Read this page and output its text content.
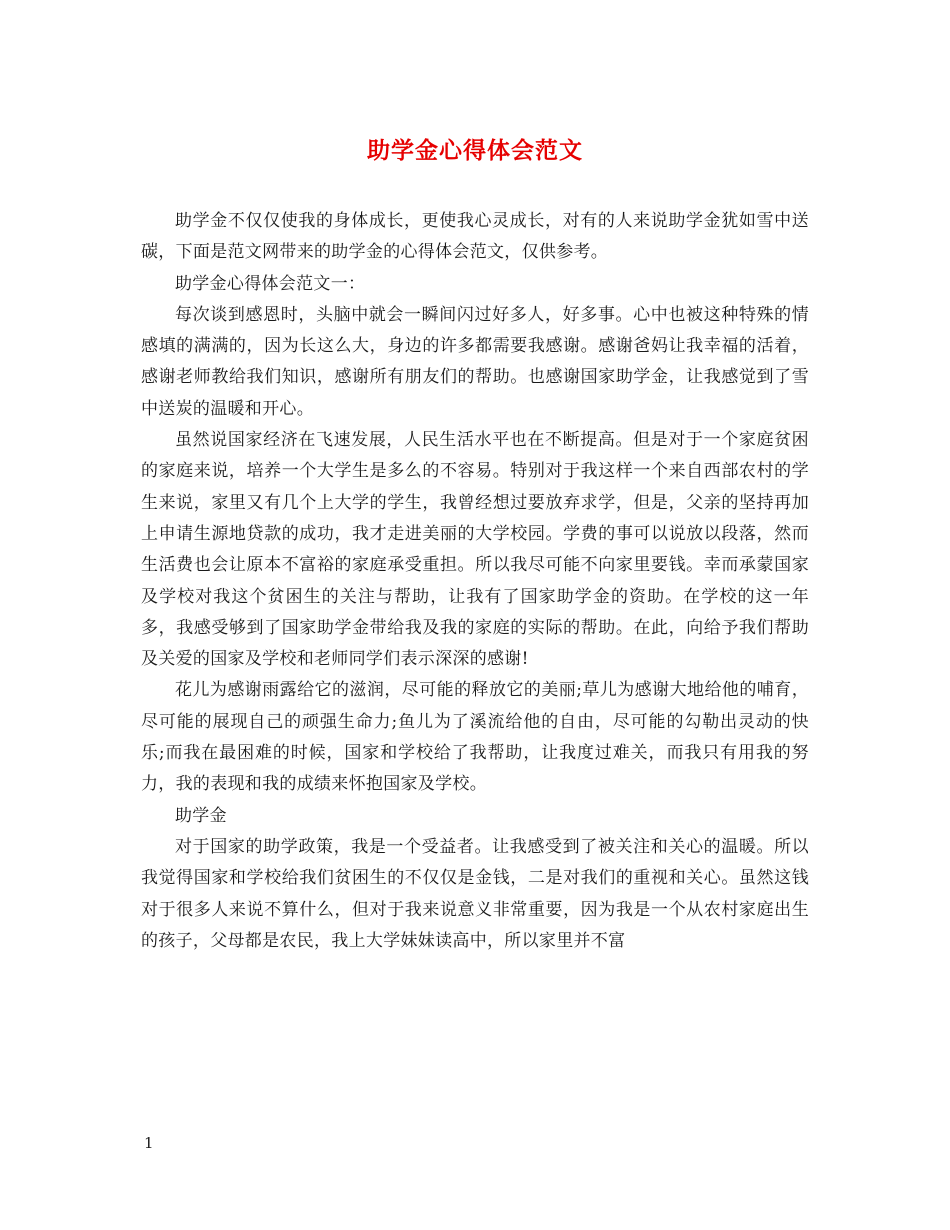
助学金心得体会范文

助学金不仅仅使我的身体成长，更使我心灵成长，对有的人来说助学金犹如雪中送碳，下面是范文网带来的助学金的心得体会范文，仅供参考。

助学金心得体会范文一：

每次谈到感恩时，头脑中就会一瞬间闪过好多人，好多事。心中也被这种特殊的情感填的满满的，因为长这么大，身边的许多都需要我感谢。感谢爸妈让我幸福的活着，感谢老师教给我们知识，感谢所有朋友们的帮助。也感谢国家助学金，让我感觉到了雪中送炭的温暖和开心。

虽然说国家经济在飞速发展，人民生活水平也在不断提高。但是对于一个家庭贫困的家庭来说，培养一个大学生是多么的不容易。特别对于我这样一个来自西部农村的学生来说，家里又有几个上大学的学生，我曾经想过要放弃求学，但是，父亲的坚持再加上申请生源地贷款的成功，我才走进美丽的大学校园。学费的事可以说放以段落，然而生活费也会让原本不富裕的家庭承受重担。所以我尽可能不向家里要钱。幸而承蒙国家及学校对我这个贫困生的关注与帮助，让我有了国家助学金的资助。在学校的这一年多，我感受够到了国家助学金带给我及我的家庭的实际的帮助。在此，向给予我们帮助及关爱的国家及学校和老师同学们表示深深的感谢!

花儿为感谢雨露给它的滋润，尽可能的释放它的美丽;草儿为感谢大地给他的哺育，尽可能的展现自己的顽强生命力;鱼儿为了溪流给他的自由，尽可能的勾勒出灵动的快乐;而我在最困难的时候，国家和学校给了我帮助，让我度过难关，而我只有用我的努力，我的表现和我的成绩来怀抱国家及学校。

助学金

对于国家的助学政策，我是一个受益者。让我感受到了被关注和关心的温暖。所以我觉得国家和学校给我们贫困生的不仅仅是金钱，二是对我们的重视和关心。虽然这钱对于很多人来说不算什么，但对于我来说意义非常重要，因为我是一个从农村家庭出生的孩子，父母都是农民，我上大学妹妹读高中，所以家里并不富

1
